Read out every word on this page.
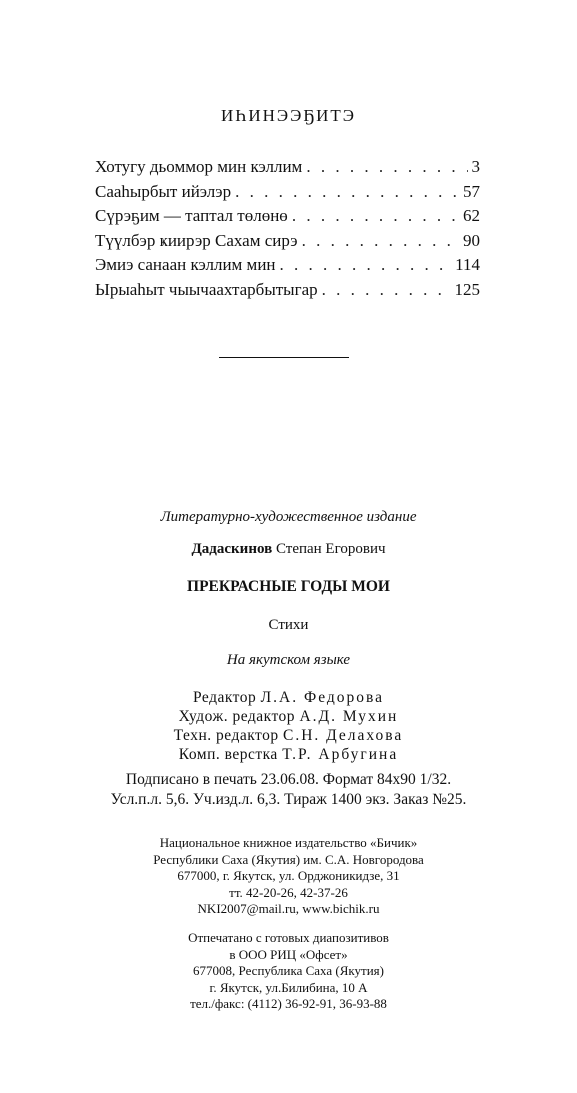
ИҺИНЭЭҔИТЭ
Хотугу дьоммор мин кэллим . . .	3
Сааһырбыт ийэлэр . . .	57
Сүрэҕим — таптал төлөнө . . .	62
Түүлбэр ҝиирэр Сахам сирэ . . .	90
Эмиэ санаан кэллим мин . . .	114
Ырыаһыт чыычаахтарбытыгар . . .	125
Литературно-художественное издание
Дадаскинов Степан Егорович
ПРЕКРАСНЫЕ ГОДЫ МОИ
Стихи
На якутском языке
Редактор Л.А. Федорова
Худож. редактор А.Д. Мухин
Техн. редактор С.Н. Делахова
Комп. верстка Т.Р. Арбугина
Подписано в печать 23.06.08. Формат 84x90 1/32.
Усл.п.л. 5,6. Уч.изд.л. 6,3. Тираж 1400 экз. Заказ №25.
Национальное книжное издательство «Бичик»
Республики Саха (Якутия) им. С.А. Новгородова
677000, г. Якутск, ул. Орджоникидзе, 31
тт. 42-20-26, 42-37-26
NKI2007@mail.ru, www.bichik.ru
Отпечатано с готовых диапозитивов
в ООО РИЦ «Офсет»
677008, Республика Саха (Якутия)
г. Якутск, ул.Билибина, 10 А
тел./факс: (4112) 36-92-91, 36-93-88
